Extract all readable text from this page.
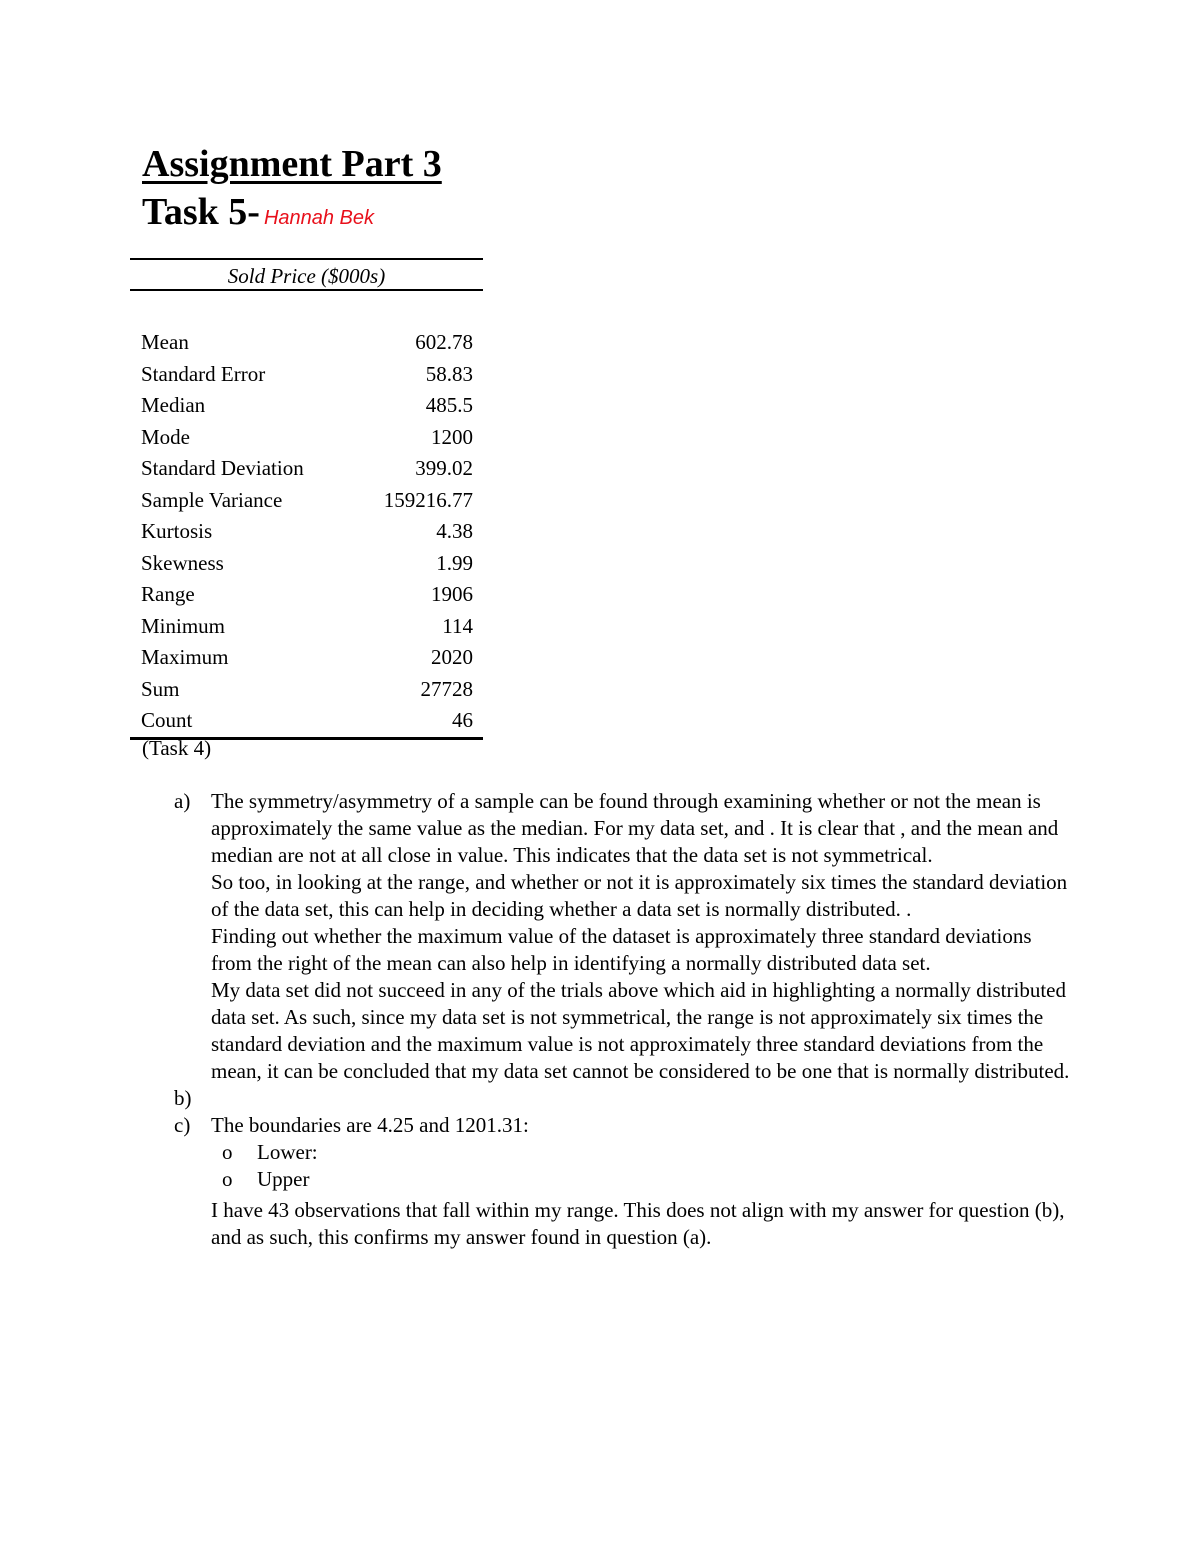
Assignment Part 3
Task 5- Hannah Bek
Sold Price ($000s)
Mean	602.78
Standard Error	58.83
Median	485.5
Mode	1200
Standard Deviation	399.02
Sample Variance	159216.77
Kurtosis	4.38
Skewness	1.99
Range	1906
Minimum	114
Maximum	2020
Sum	27728
Count	46
(Task 4)
a) The symmetry/asymmetry of a sample can be found through examining whether or not the mean is approximately the same value as the median. For my data set, and . It is clear that , and the mean and median are not at all close in value. This indicates that the data set is not symmetrical.

So too, in looking at the range, and whether or not it is approximately six times the standard deviation of the data set, this can help in deciding whether a data set is normally distributed. .

Finding out whether the maximum value of the dataset is approximately three standard deviations from the right of the mean can also help in identifying a normally distributed data set.

My data set did not succeed in any of the trials above which aid in highlighting a normally distributed data set. As such, since my data set is not symmetrical, the range is not approximately six times the standard deviation and the maximum value is not approximately three standard deviations from the mean, it can be concluded that my data set cannot be considered to be one that is normally distributed.

b)
c) The boundaries are 4.25 and 1201.31:

o	Lower:
o	Upper

I have 43 observations that fall within my range. This does not align with my answer for question (b), and as such, this confirms my answer found in question (a).
